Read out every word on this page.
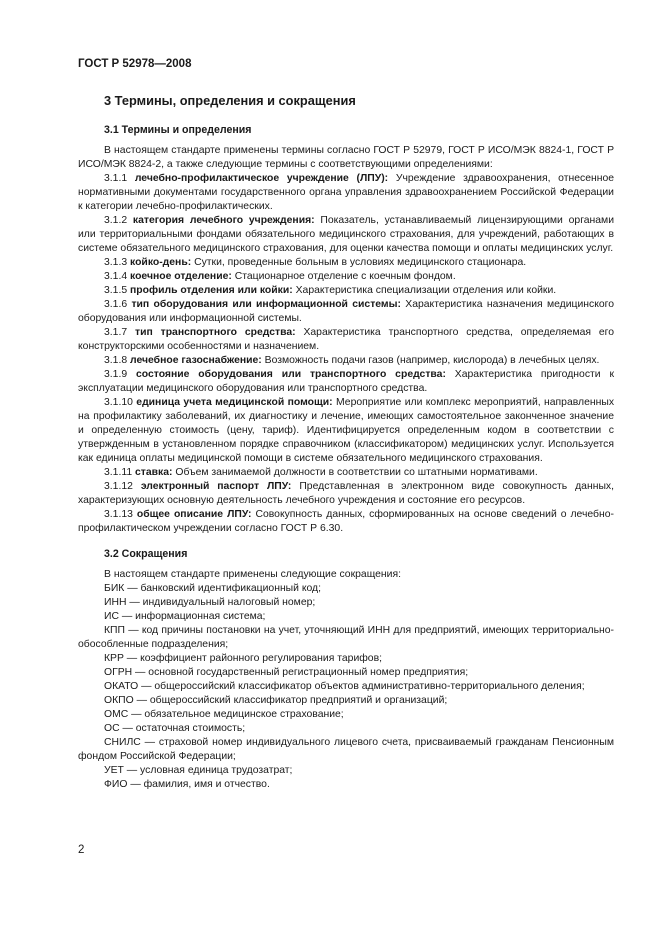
ГОСТ Р 52978—2008
3 Термины, определения и сокращения
3.1 Термины и определения

В настоящем стандарте применены термины согласно ГОСТ Р 52979, ГОСТ Р ИСО/МЭК 8824-1, ГОСТ Р ИСО/МЭК 8824-2, а также следующие термины с соответствующими определениями:

3.1.1 лечебно-профилактическое учреждение (ЛПУ): Учреждение здравоохранения, отнесенное нормативными документами государственного органа управления здравоохранением Российской Федерации к категории лечебно-профилактических.

3.1.2 категория лечебного учреждения: Показатель, устанавливаемый лицензирующими органами или территориальными фондами обязательного медицинского страхования, для учреждений, работающих в системе обязательного медицинского страхования, для оценки качества помощи и оплаты медицинских услуг.

3.1.3 койко-день: Сутки, проведенные больным в условиях медицинского стационара.

3.1.4 коечное отделение: Стационарное отделение с коечным фондом.

3.1.5 профиль отделения или койки: Характеристика специализации отделения или койки.

3.1.6 тип оборудования или информационной системы: Характеристика назначения медицинского оборудования или информационной системы.

3.1.7 тип транспортного средства: Характеристика транспортного средства, определяемая его конструкторскими особенностями и назначением.

3.1.8 лечебное газоснабжение: Возможность подачи газов (например, кислорода) в лечебных целях.

3.1.9 состояние оборудования или транспортного средства: Характеристика пригодности к эксплуатации медицинского оборудования или транспортного средства.

3.1.10 единица учета медицинской помощи: Мероприятие или комплекс мероприятий, направленных на профилактику заболеваний, их диагностику и лечение, имеющих самостоятельное законченное значение и определенную стоимость (цену, тариф). Идентифицируется определенным кодом в соответствии с утвержденным в установленном порядке справочником (классификатором) медицинских услуг. Используется как единица оплаты медицинской помощи в системе обязательного медицинского страхования.

3.1.11 ставка: Объем занимаемой должности в соответствии со штатными нормативами.

3.1.12 электронный паспорт ЛПУ: Представленная в электронном виде совокупность данных, характеризующих основную деятельность лечебного учреждения и состояние его ресурсов.

3.1.13 общее описание ЛПУ: Совокупность данных, сформированных на основе сведений о лечебно-профилактическом учреждении согласно ГОСТ Р 6.30.

3.2 Сокращения

В настоящем стандарте применены следующие сокращения:

БИК — банковский идентификационный код;

ИНН — индивидуальный налоговый номер;

ИС — информационная система;

КПП — код причины постановки на учет, уточняющий ИНН для предприятий, имеющих территориально-обособленные подразделения;

КРР — коэффициент районного регулирования тарифов;

ОГРН — основной государственный регистрационный номер предприятия;

ОКАТО — общероссийский классификатор объектов административно-территориального деления;

ОКПО — общероссийский классификатор предприятий и организаций;

ОМС — обязательное медицинское страхование;

ОС — остаточная стоимость;

СНИЛС — страховой номер индивидуального лицевого счета, присваиваемый гражданам Пенсионным фондом Российской Федерации;

УЕТ — условная единица трудозатрат;

ФИО — фамилия, имя и отчество.

2
